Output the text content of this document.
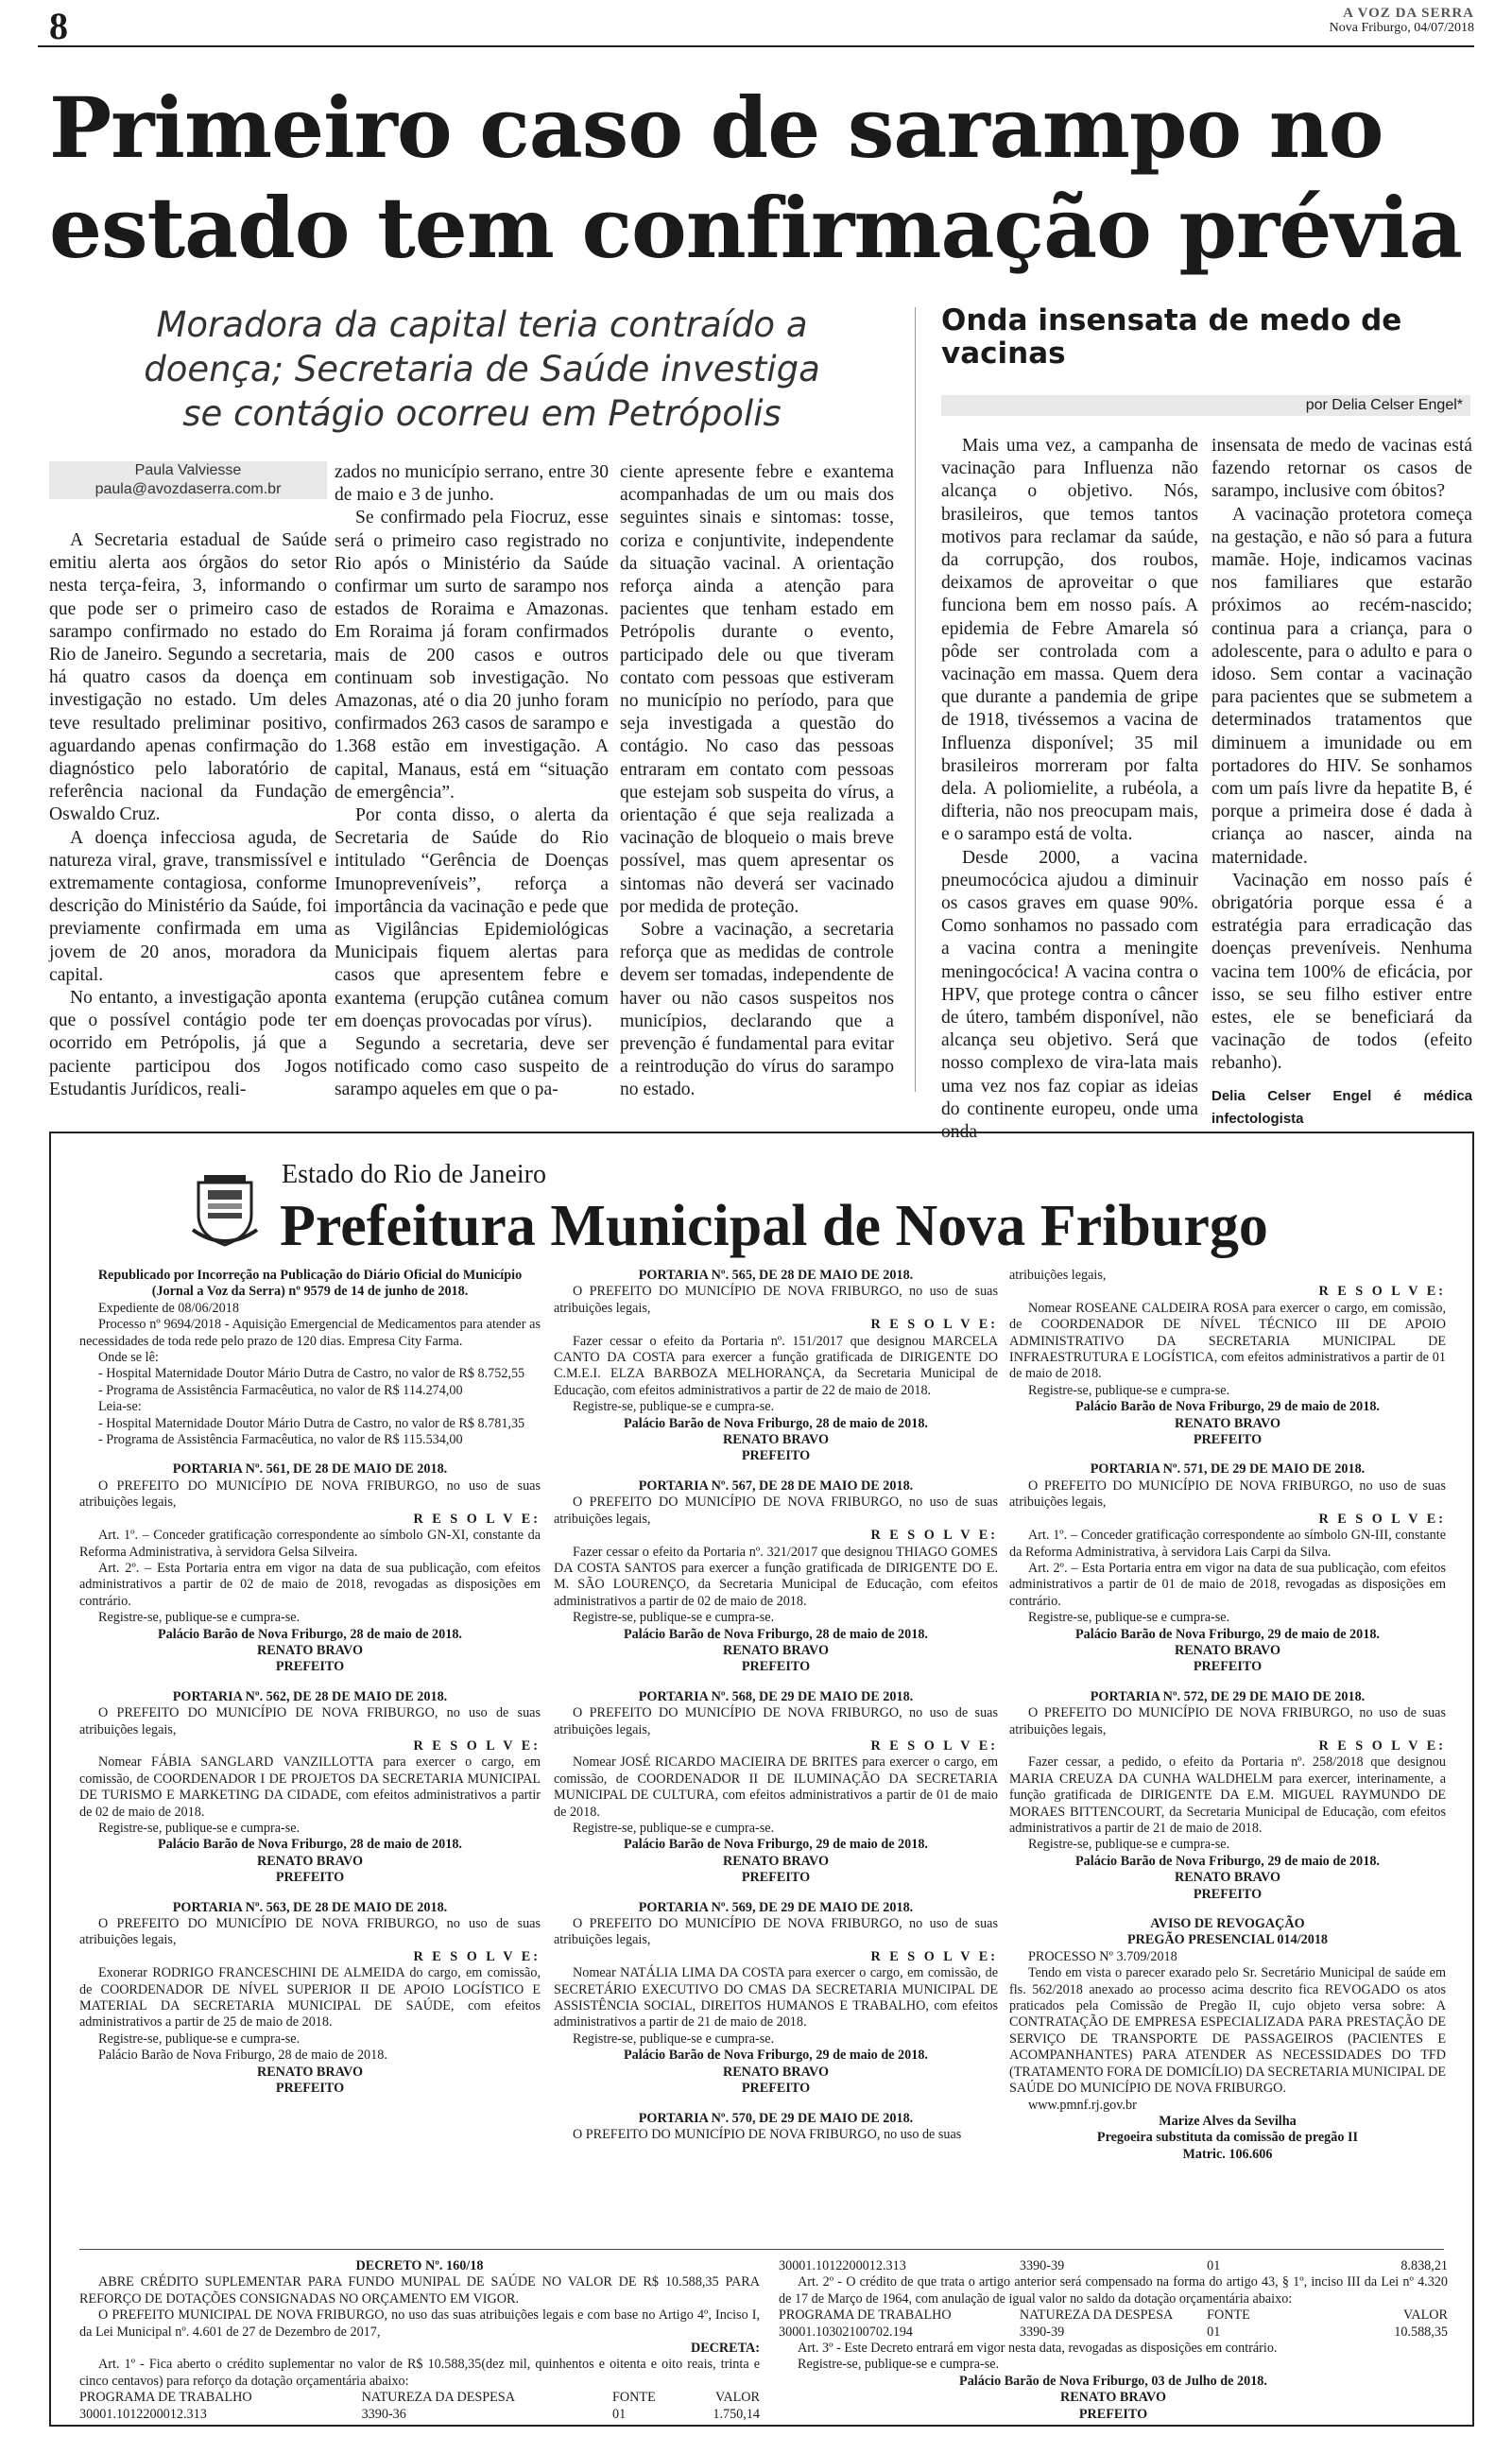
8	A VOZ DA SERRA
Nova Friburgo, 04/07/2018
Primeiro caso de sarampo no estado tem confirmação prévia
Moradora da capital teria contraído a doença; Secretaria de Saúde investiga se contágio ocorreu em Petrópolis
Paula Valviesse
paula@avozdaserra.com.br

A Secretaria estadual de Saúde emitiu alerta aos órgãos do setor nesta terça-feira, 3, informando o que pode ser o primeiro caso de sarampo confirmado no estado do Rio de Janeiro. Segundo a secretaria, há quatro casos da doença em investigação no estado. Um deles teve resultado preliminar positivo, aguardando apenas confirmação do diagnóstico pelo laboratório de referência nacional da Fundação Oswaldo Cruz.

A doença infecciosa aguda, de natureza viral, grave, transmissível e extremamente contagiosa, conforme descrição do Ministério da Saúde, foi previamente confirmada em uma jovem de 20 anos, moradora da capital.

No entanto, a investigação aponta que o possível contágio pode ter ocorrido em Petrópolis, já que a paciente participou dos Jogos Estudantis Jurídicos, reali-

zados no município serrano, entre 30 de maio e 3 de junho.

Se confirmado pela Fiocruz, esse será o primeiro caso registrado no Rio após o Ministério da Saúde confirmar um surto de sarampo nos estados de Roraima e Amazonas. Em Roraima já foram confirmados mais de 200 casos e outros continuam sob investigação. No Amazonas, até o dia 20 junho foram confirmados 263 casos de sarampo e 1.368 estão em investigação. A capital, Manaus, está em “situação de emergência”.

Por conta disso, o alerta da Secretaria de Saúde do Rio intitulado “Gerência de Doenças Imunopreveníveis”, reforça a importância da vacinação e pede que as Vigilâncias Epidemiológicas Municipais fiquem alertas para casos que apresentem febre e exantema (erupção cutânea comum em doenças provocadas por vírus).

Segundo a secretaria, deve ser notificado como caso suspeito de sarampo aqueles em que o pa-

ciente apresente febre e exantema acompanhadas de um ou mais dos seguintes sinais e sintomas: tosse, coriza e conjuntivite, independente da situação vacinal. A orientação reforça ainda a atenção para pacientes que tenham estado em Petrópolis durante o evento, participado dele ou que tiveram contato com pessoas que estiveram no município no período, para que seja investigada a questão do contágio. No caso das pessoas entraram em contato com pessoas que estejam sob suspeita do vírus, a orientação é que seja realizada a vacinação de bloqueio o mais breve possível, mas quem apresentar os sintomas não deverá ser vacinado por medida de proteção.

Sobre a vacinação, a secretaria reforça que as medidas de controle devem ser tomadas, independente de haver ou não casos suspeitos nos municípios, declarando que a prevenção é fundamental para evitar a reintrodução do vírus do sarampo no estado.

Onda insensata de medo de vacinas
por Delia Celser Engel*

Mais uma vez, a campanha de vacinação para Influenza não alcança o objetivo. Nós, brasileiros, que temos tantos motivos para reclamar da saúde, da corrupção, dos roubos, deixamos de aproveitar o que funciona bem em nosso país. A epidemia de Febre Amarela só pôde ser controlada com a vacinação em massa. Quem dera que durante a pandemia de gripe de 1918, tivéssemos a vacina de Influenza disponível; 35 mil brasileiros morreram por falta dela. A poliomielite, a rubéola, a difteria, não nos preocupam mais, e o sarampo está de volta.

Desde 2000, a vacina pneumocócica ajudou a diminuir os casos graves em quase 90%. Como sonhamos no passado com a vacina contra a meningite meningocócica! A vacina contra o HPV, que protege contra o câncer de útero, também disponível, não alcança seu objetivo. Será que nosso complexo de vira-lata mais uma vez nos faz copiar as ideias do continente europeu, onde uma onda

insensata de medo de vacinas está fazendo retornar os casos de sarampo, inclusive com óbitos?

A vacinação protetora começa na gestação, e não só para a futura mamãe. Hoje, indicamos vacinas nos familiares que estarão próximos ao recém-nascido; continua para a criança, para o adolescente, para o adulto e para o idoso. Sem contar a vacinação para pacientes que se submetem a determinados tratamentos que diminuem a imunidade ou em portadores do HIV. Se sonhamos com um país livre da hepatite B, é porque a primeira dose é dada à criança ao nascer, ainda na maternidade.

Vacinação em nosso país é obrigatória porque essa é a estratégia para erradicação das doenças preveníveis. Nenhuma vacina tem 100% de eficácia, por isso, se seu filho estiver entre estes, ele se beneficiará da vacinação de todos (efeito rebanho).

Delia Celser Engel é médica infectologista

Estado do Rio de Janeiro
Prefeitura Municipal de Nova Friburgo

Republicado por Incorreção na Publicação do Diário Oficial do Município (Jornal a Voz da Serra) nº 9579 de 14 de junho de 2018.

Expediente de 08/06/2018

Processo nº 9694/2018 - Aquisição Emergencial de Medicamentos para atender as necessidades de toda rede pelo prazo de 120 dias. Empresa City Farma.

Onde se lê:

- Hospital Maternidade Doutor Mário Dutra de Castro, no valor de R$ 8.752,55

- Programa de Assistência Farmacêutica, no valor de R$ 114.274,00

Leia-se:

- Hospital Maternidade Doutor Mário Dutra de Castro, no valor de R$ 8.781,35

- Programa de Assistência Farmacêutica, no valor de R$ 115.534,00

PORTARIA Nº. 561, DE 28 DE MAIO DE 2018.

O PREFEITO DO MUNICÍPIO DE NOVA FRIBURGO, no uso de suas atribuições legais,

R E S O L V E:

Art. 1º. – Conceder gratificação correspondente ao símbolo GN-XI, constante da Reforma Administrativa, à servidora Gelsa Silveira.

Art. 2º. – Esta Portaria entra em vigor na data de sua publicação, com efeitos administrativos a partir de 02 de maio de 2018, revogadas as disposições em contrário.

Registre-se, publique-se e cumpra-se.

Palácio Barão de Nova Friburgo, 28 de maio de 2018.

RENATO BRAVO

PREFEITO

PORTARIA Nº. 562, DE 28 DE MAIO DE 2018.

O PREFEITO DO MUNICÍPIO DE NOVA FRIBURGO, no uso de suas atribuições legais,

R E S O L V E:

Nomear FÁBIA SANGLARD VANZILLOTTA para exercer o cargo, em comissão, de COORDENADOR I DE PROJETOS DA SECRETARIA MUNICIPAL DE TURISMO E MARKETING DA CIDADE, com efeitos administrativos a partir de 02 de maio de 2018.

Registre-se, publique-se e cumpra-se.

Palácio Barão de Nova Friburgo, 28 de maio de 2018.

RENATO BRAVO

PREFEITO

PORTARIA Nº. 563, DE 28 DE MAIO DE 2018.

O PREFEITO DO MUNICÍPIO DE NOVA FRIBURGO, no uso de suas atribuições legais,

R E S O L V E:

Exonerar RODRIGO FRANCESCHINI DE ALMEIDA do cargo, em comissão, de COORDENADOR DE NÍVEL SUPERIOR II DE APOIO LOGÍSTICO E MATERIAL DA SECRETARIA MUNICIPAL DE SAÚDE, com efeitos administrativos a partir de 25 de maio de 2018.

Registre-se, publique-se e cumpra-se.

Palácio Barão de Nova Friburgo, 28 de maio de 2018.

RENATO BRAVO

PREFEITO

PORTARIA Nº. 565, DE 28 DE MAIO DE 2018.

O PREFEITO DO MUNICÍPIO DE NOVA FRIBURGO, no uso de suas atribuições legais,

R E S O L V E:

Fazer cessar o efeito da Portaria nº. 151/2017 que designou MARCELA CANTO DA COSTA para exercer a função gratificada de DIRIGENTE DO C.M.E.I. ELZA BARBOZA MELHORANÇA, da Secretaria Municipal de Educação, com efeitos administrativos a partir de 22 de maio de 2018.

Registre-se, publique-se e cumpra-se.

Palácio Barão de Nova Friburgo, 28 de maio de 2018.

RENATO BRAVO

PREFEITO

PORTARIA Nº. 567, DE 28 DE MAIO DE 2018.

O PREFEITO DO MUNICÍPIO DE NOVA FRIBURGO, no uso de suas atribuições legais,

R E S O L V E:

Fazer cessar o efeito da Portaria nº. 321/2017 que designou THIAGO GOMES DA COSTA SANTOS para exercer a função gratificada de DIRIGENTE DO E. M. SÃO LOURENÇO, da Secretaria Municipal de Educação, com efeitos administrativos a partir de 02 de maio de 2018.

Registre-se, publique-se e cumpra-se.

Palácio Barão de Nova Friburgo, 28 de maio de 2018.

RENATO BRAVO

PREFEITO

PORTARIA Nº. 568, DE 29 DE MAIO DE 2018.

O PREFEITO DO MUNICÍPIO DE NOVA FRIBURGO, no uso de suas atribuições legais,

R E S O L V E:

Nomear JOSÉ RICARDO MACIEIRA DE BRITES para exercer o cargo, em comissão, de COORDENADOR II DE ILUMINAÇÃO DA SECRETARIA MUNICIPAL DE CULTURA, com efeitos administrativos a partir de 01 de maio de 2018.

Registre-se, publique-se e cumpra-se.

Palácio Barão de Nova Friburgo, 29 de maio de 2018.

RENATO BRAVO

PREFEITO

PORTARIA Nº. 569, DE 29 DE MAIO DE 2018.

O PREFEITO DO MUNICÍPIO DE NOVA FRIBURGO, no uso de suas atribuições legais,

R E S O L V E:

Nomear NATÁLIA LIMA DA COSTA para exercer o cargo, em comissão, de SECRETÁRIO EXECUTIVO DO CMAS DA SECRETARIA MUNICIPAL DE ASSISTÊNCIA SOCIAL, DIREITOS HUMANOS E TRABALHO, com efeitos administrativos a partir de 21 de maio de 2018.

Registre-se, publique-se e cumpra-se.

Palácio Barão de Nova Friburgo, 29 de maio de 2018.

RENATO BRAVO

PREFEITO

PORTARIA Nº. 570, DE 29 DE MAIO DE 2018.

O PREFEITO DO MUNICÍPIO DE NOVA FRIBURGO, no uso de suas

atribuições legais,

R E S O L V E:

Nomear ROSEANE CALDEIRA ROSA para exercer o cargo, em comissão, de COORDENADOR DE NÍVEL TÉCNICO III DE APOIO ADMINISTRATIVO DA SECRETARIA MUNICIPAL DE INFRAESTRUTURA E LOGÍSTICA, com efeitos administrativos a partir de 01 de maio de 2018.

Registre-se, publique-se e cumpra-se.

Palácio Barão de Nova Friburgo, 29 de maio de 2018.

RENATO BRAVO

PREFEITO

PORTARIA Nº. 571, DE 29 DE MAIO DE 2018.

O PREFEITO DO MUNICÍPIO DE NOVA FRIBURGO, no uso de suas atribuições legais,

R E S O L V E:

Art. 1º. – Conceder gratificação correspondente ao símbolo GN-III, constante da Reforma Administrativa, à servidora Lais Carpi da Silva.

Art. 2º. – Esta Portaria entra em vigor na data de sua publicação, com efeitos administrativos a partir de 01 de maio de 2018, revogadas as disposições em contrário.

Registre-se, publique-se e cumpra-se.

Palácio Barão de Nova Friburgo, 29 de maio de 2018.

RENATO BRAVO

PREFEITO

PORTARIA Nº. 572, DE 29 DE MAIO DE 2018.

O PREFEITO DO MUNICÍPIO DE NOVA FRIBURGO, no uso de suas atribuições legais,

R E S O L V E:

Fazer cessar, a pedido, o efeito da Portaria nº. 258/2018 que designou MARIA CREUZA DA CUNHA WALDHELM para exercer, interinamente, a função gratificada de DIRIGENTE DA E.M. MIGUEL RAYMUNDO DE MORAES BITTENCOURT, da Secretaria Municipal de Educação, com efeitos administrativos a partir de 21 de maio de 2018.

Registre-se, publique-se e cumpra-se.

Palácio Barão de Nova Friburgo, 29 de maio de 2018.

RENATO BRAVO

PREFEITO

AVISO DE REVOGAÇÃO

PREGÃO PRESENCIAL 014/2018

PROCESSO Nº 3.709/2018

Tendo em vista o parecer exarado pelo Sr. Secretário Municipal de saúde em fls. 562/2018 anexado ao processo acima descrito fica REVOGADO os atos praticados pela Comissão de Pregão II, cujo objeto versa sobre: A CONTRATAÇÃO DE EMPRESA ESPECIALIZADA PARA PRESTAÇÃO DE SERVIÇO DE TRANSPORTE DE PASSAGEIROS (PACIENTES E ACOMPANHANTES) PARA ATENDER AS NECESSIDADES DO TFD (TRATAMENTO FORA DE DOMICÍLIO) DA SECRETARIA MUNICIPAL DE SAÚDE DO MUNICÍPIO DE NOVA FRIBURGO.

www.pmnf.rj.gov.br

Marize Alves da Sevilha

Pregoeira substituta da comissão de pregão II

Matric. 106.606

DECRETO Nº. 160/18

ABRE CRÉDITO SUPLEMENTAR PARA FUNDO MUNIPAL DE SAÚDE NO VALOR DE R$ 10.588,35 PARA REFORÇO DE DOTAÇÕES CONSIGNADAS NO ORÇAMENTO EM VIGOR.

O PREFEITO MUNICIPAL DE NOVA FRIBURGO, no uso das suas atribuições legais e com base no Artigo 4º, Inciso I, da Lei Municipal nº. 4.601 de 27 de Dezembro de 2017,

DECRETA:

Art. 1º - Fica aberto o crédito suplementar no valor de R$ 10.588,35(dez mil, quinhentos e oitenta e oito reais, trinta e cinco centavos) para reforço da dotação orçamentária abaixo:

PROGRAMA DE TRABALHO	NATUREZA DA DESPESA	FONTE	VALOR
30001.1012200012.313	3390-36	01	1.750,14
30001.1012200012.313	3390-39	01	8.838,21

Art. 2º - O crédito de que trata o artigo anterior será compensado na forma do artigo 43, § 1º, inciso III da Lei nº 4.320 de 17 de Março de 1964, com anulação de igual valor no saldo da dotação orçamentária abaixo:

PROGRAMA DE TRABALHO	NATUREZA DA DESPESA	FONTE	VALOR
30001.10302100702.194	3390-39	01	10.588,35

Art. 3º - Este Decreto entrará em vigor nesta data, revogadas as disposições em contrário.

Registre-se, publique-se e cumpra-se.

Palácio Barão de Nova Friburgo, 03 de Julho de 2018.

RENATO BRAVO

PREFEITO
